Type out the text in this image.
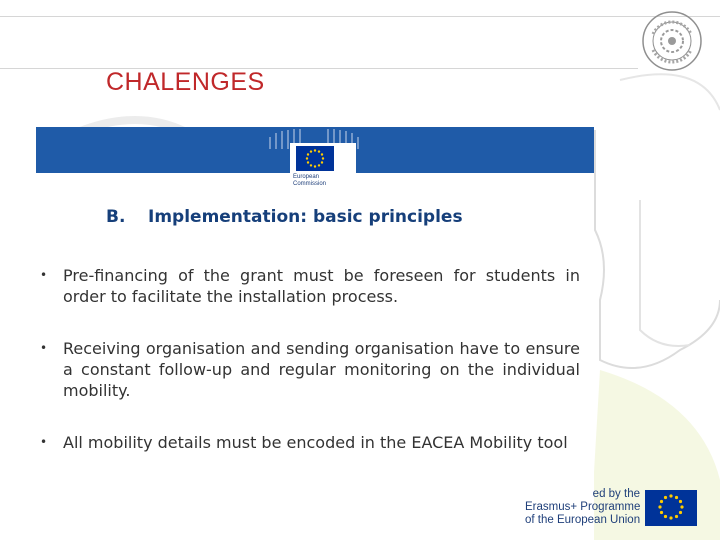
CHALENGES
European
Commission
B. Implementation: basic principles
• Pre-financing of the grant must be foreseen for students in order to facilitate the installation process.

• Receiving organisation and sending organisation have to ensure a constant follow-up and regular monitoring on the individual mobility.

• All mobility details must be encoded in the EACEA Mobility tool

ed by the
Erasmus+ Programme
of the European Union
